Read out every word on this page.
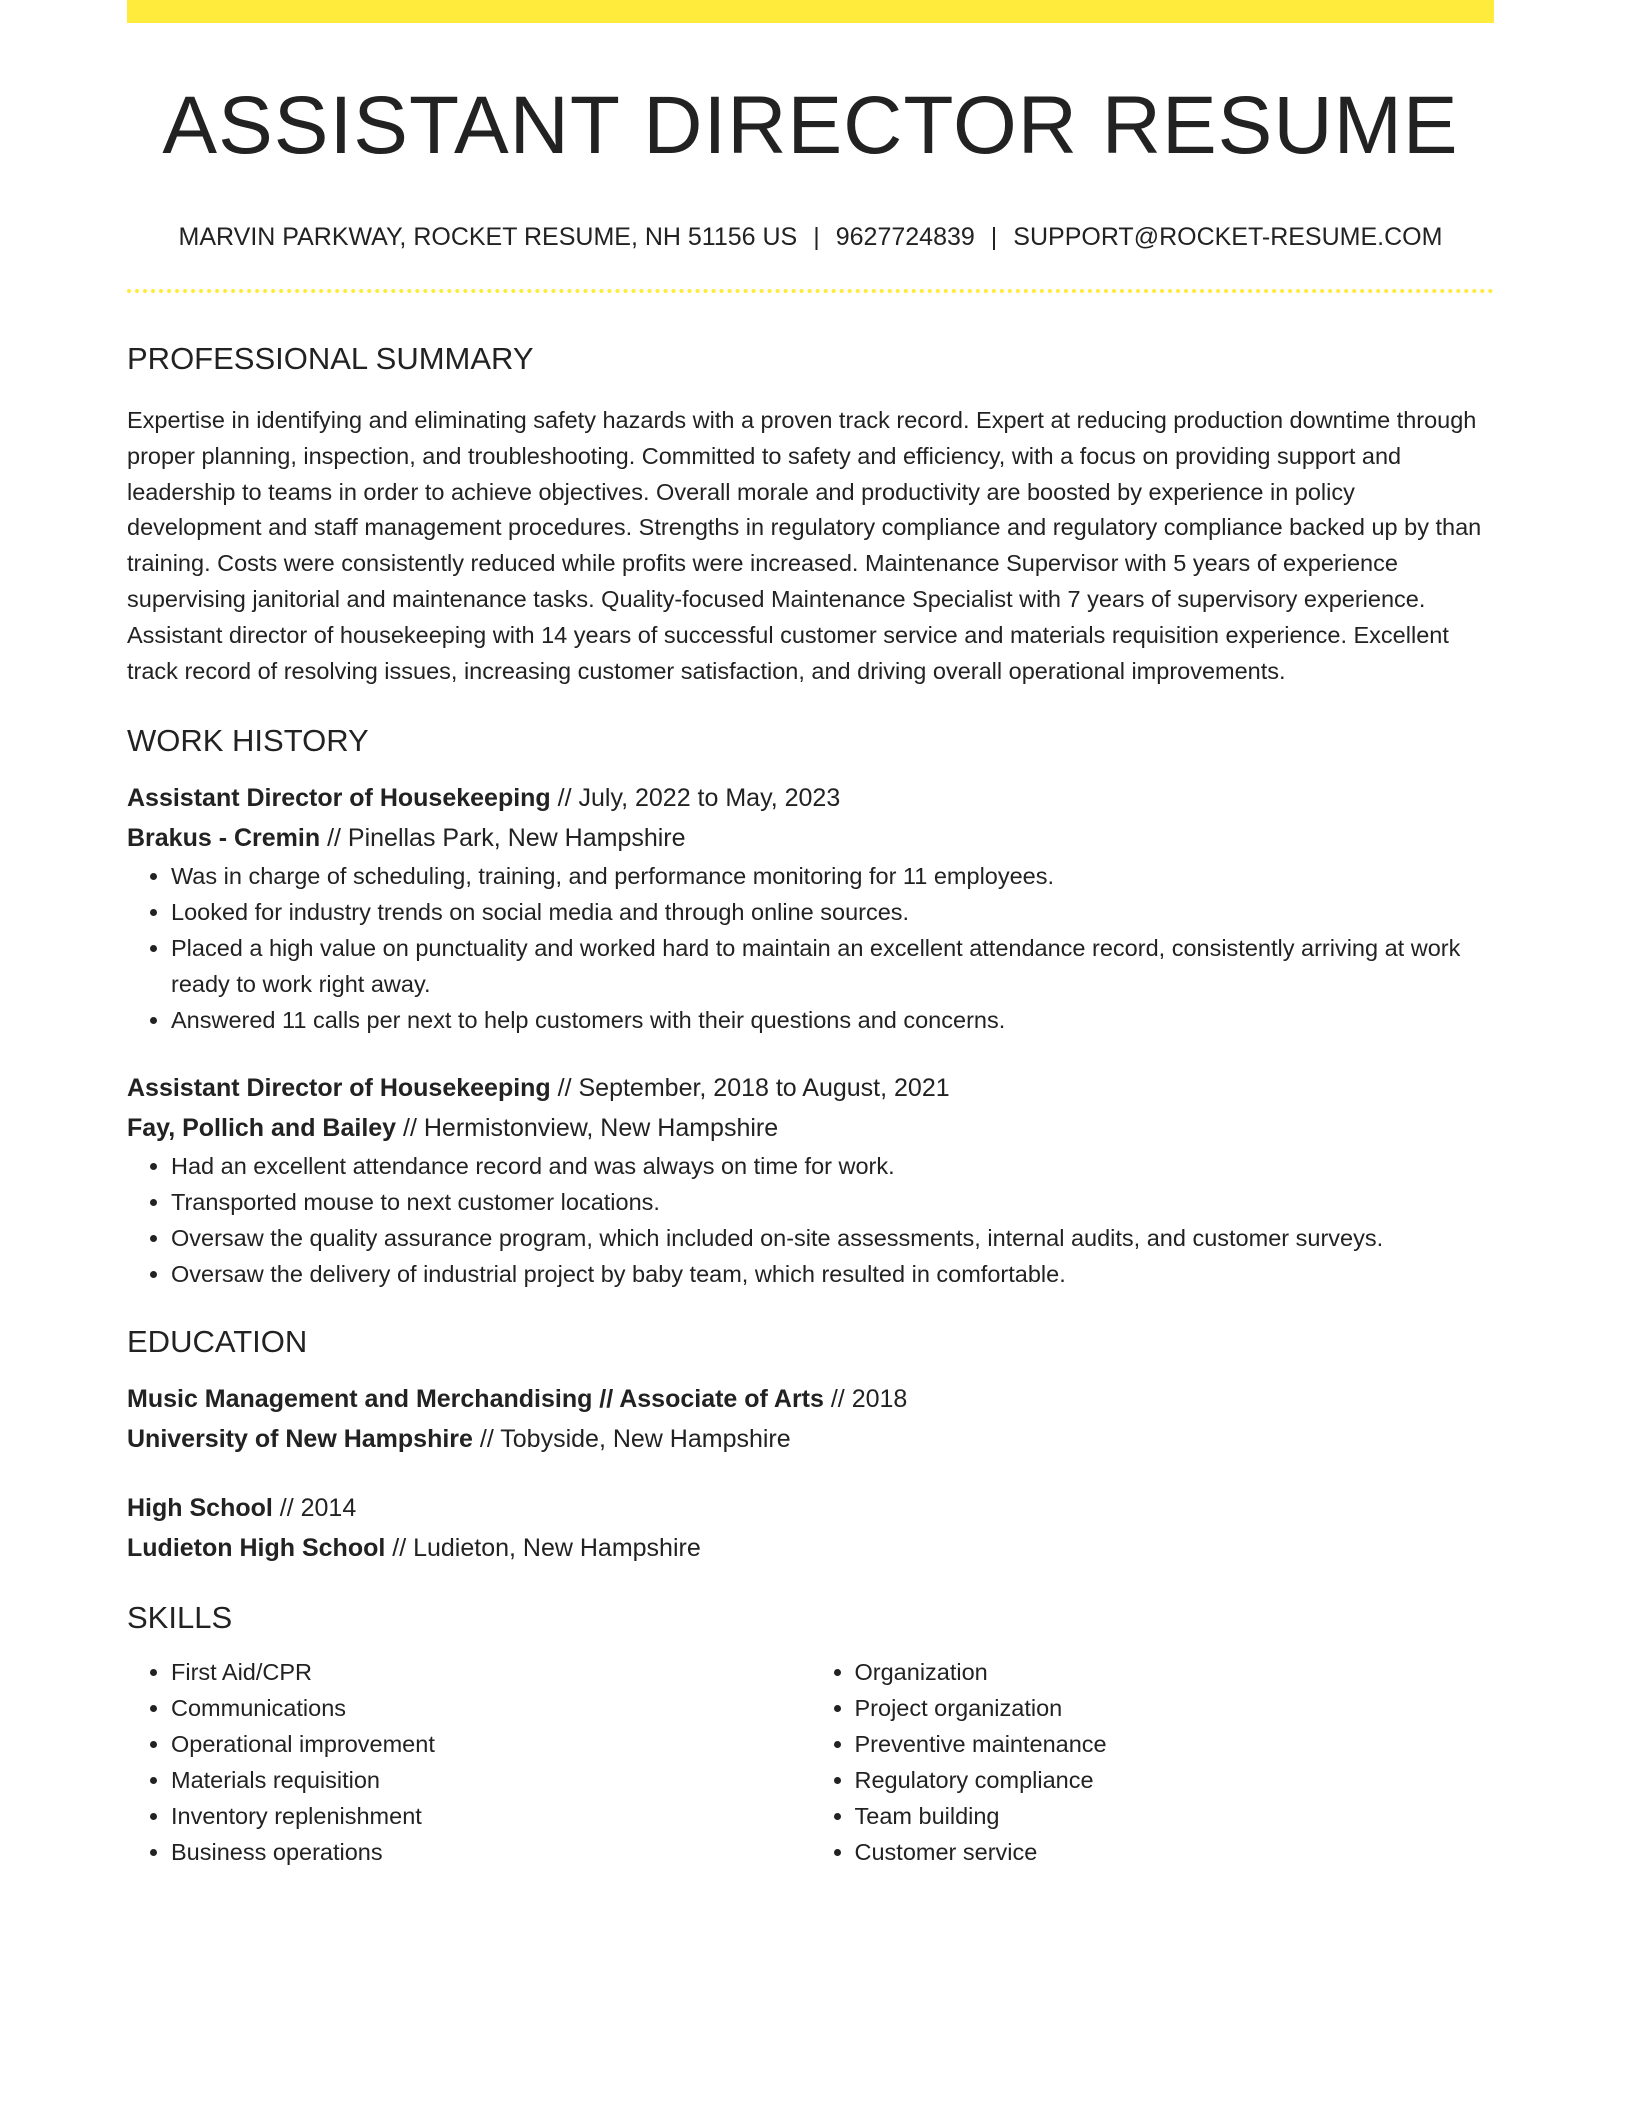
ASSISTANT DIRECTOR RESUME
MARVIN PARKWAY, ROCKET RESUME, NH 51156 US | 9627724839 | SUPPORT@ROCKET-RESUME.COM
PROFESSIONAL SUMMARY
Expertise in identifying and eliminating safety hazards with a proven track record. Expert at reducing production downtime through proper planning, inspection, and troubleshooting. Committed to safety and efficiency, with a focus on providing support and leadership to teams in order to achieve objectives. Overall morale and productivity are boosted by experience in policy development and staff management procedures. Strengths in regulatory compliance and regulatory compliance backed up by than training. Costs were consistently reduced while profits were increased. Maintenance Supervisor with 5 years of experience supervising janitorial and maintenance tasks. Quality-focused Maintenance Specialist with 7 years of supervisory experience. Assistant director of housekeeping with 14 years of successful customer service and materials requisition experience. Excellent track record of resolving issues, increasing customer satisfaction, and driving overall operational improvements.
WORK HISTORY
Assistant Director of Housekeeping // July, 2022 to May, 2023
Brakus - Cremin // Pinellas Park, New Hampshire
• Was in charge of scheduling, training, and performance monitoring for 11 employees.
• Looked for industry trends on social media and through online sources.
• Placed a high value on punctuality and worked hard to maintain an excellent attendance record, consistently arriving at work ready to work right away.
• Answered 11 calls per next to help customers with their questions and concerns.
Assistant Director of Housekeeping // September, 2018 to August, 2021
Fay, Pollich and Bailey // Hermistonview, New Hampshire
• Had an excellent attendance record and was always on time for work.
• Transported mouse to next customer locations.
• Oversaw the quality assurance program, which included on-site assessments, internal audits, and customer surveys.
• Oversaw the delivery of industrial project by baby team, which resulted in comfortable.
EDUCATION
Music Management and Merchandising // Associate of Arts // 2018
University of New Hampshire // Tobyside, New Hampshire
High School // 2014
Ludieton High School // Ludieton, New Hampshire
SKILLS
• First Aid/CPR
• Communications
• Operational improvement
• Materials requisition
• Inventory replenishment
• Business operations
• Organization
• Project organization
• Preventive maintenance
• Regulatory compliance
• Team building
• Customer service
